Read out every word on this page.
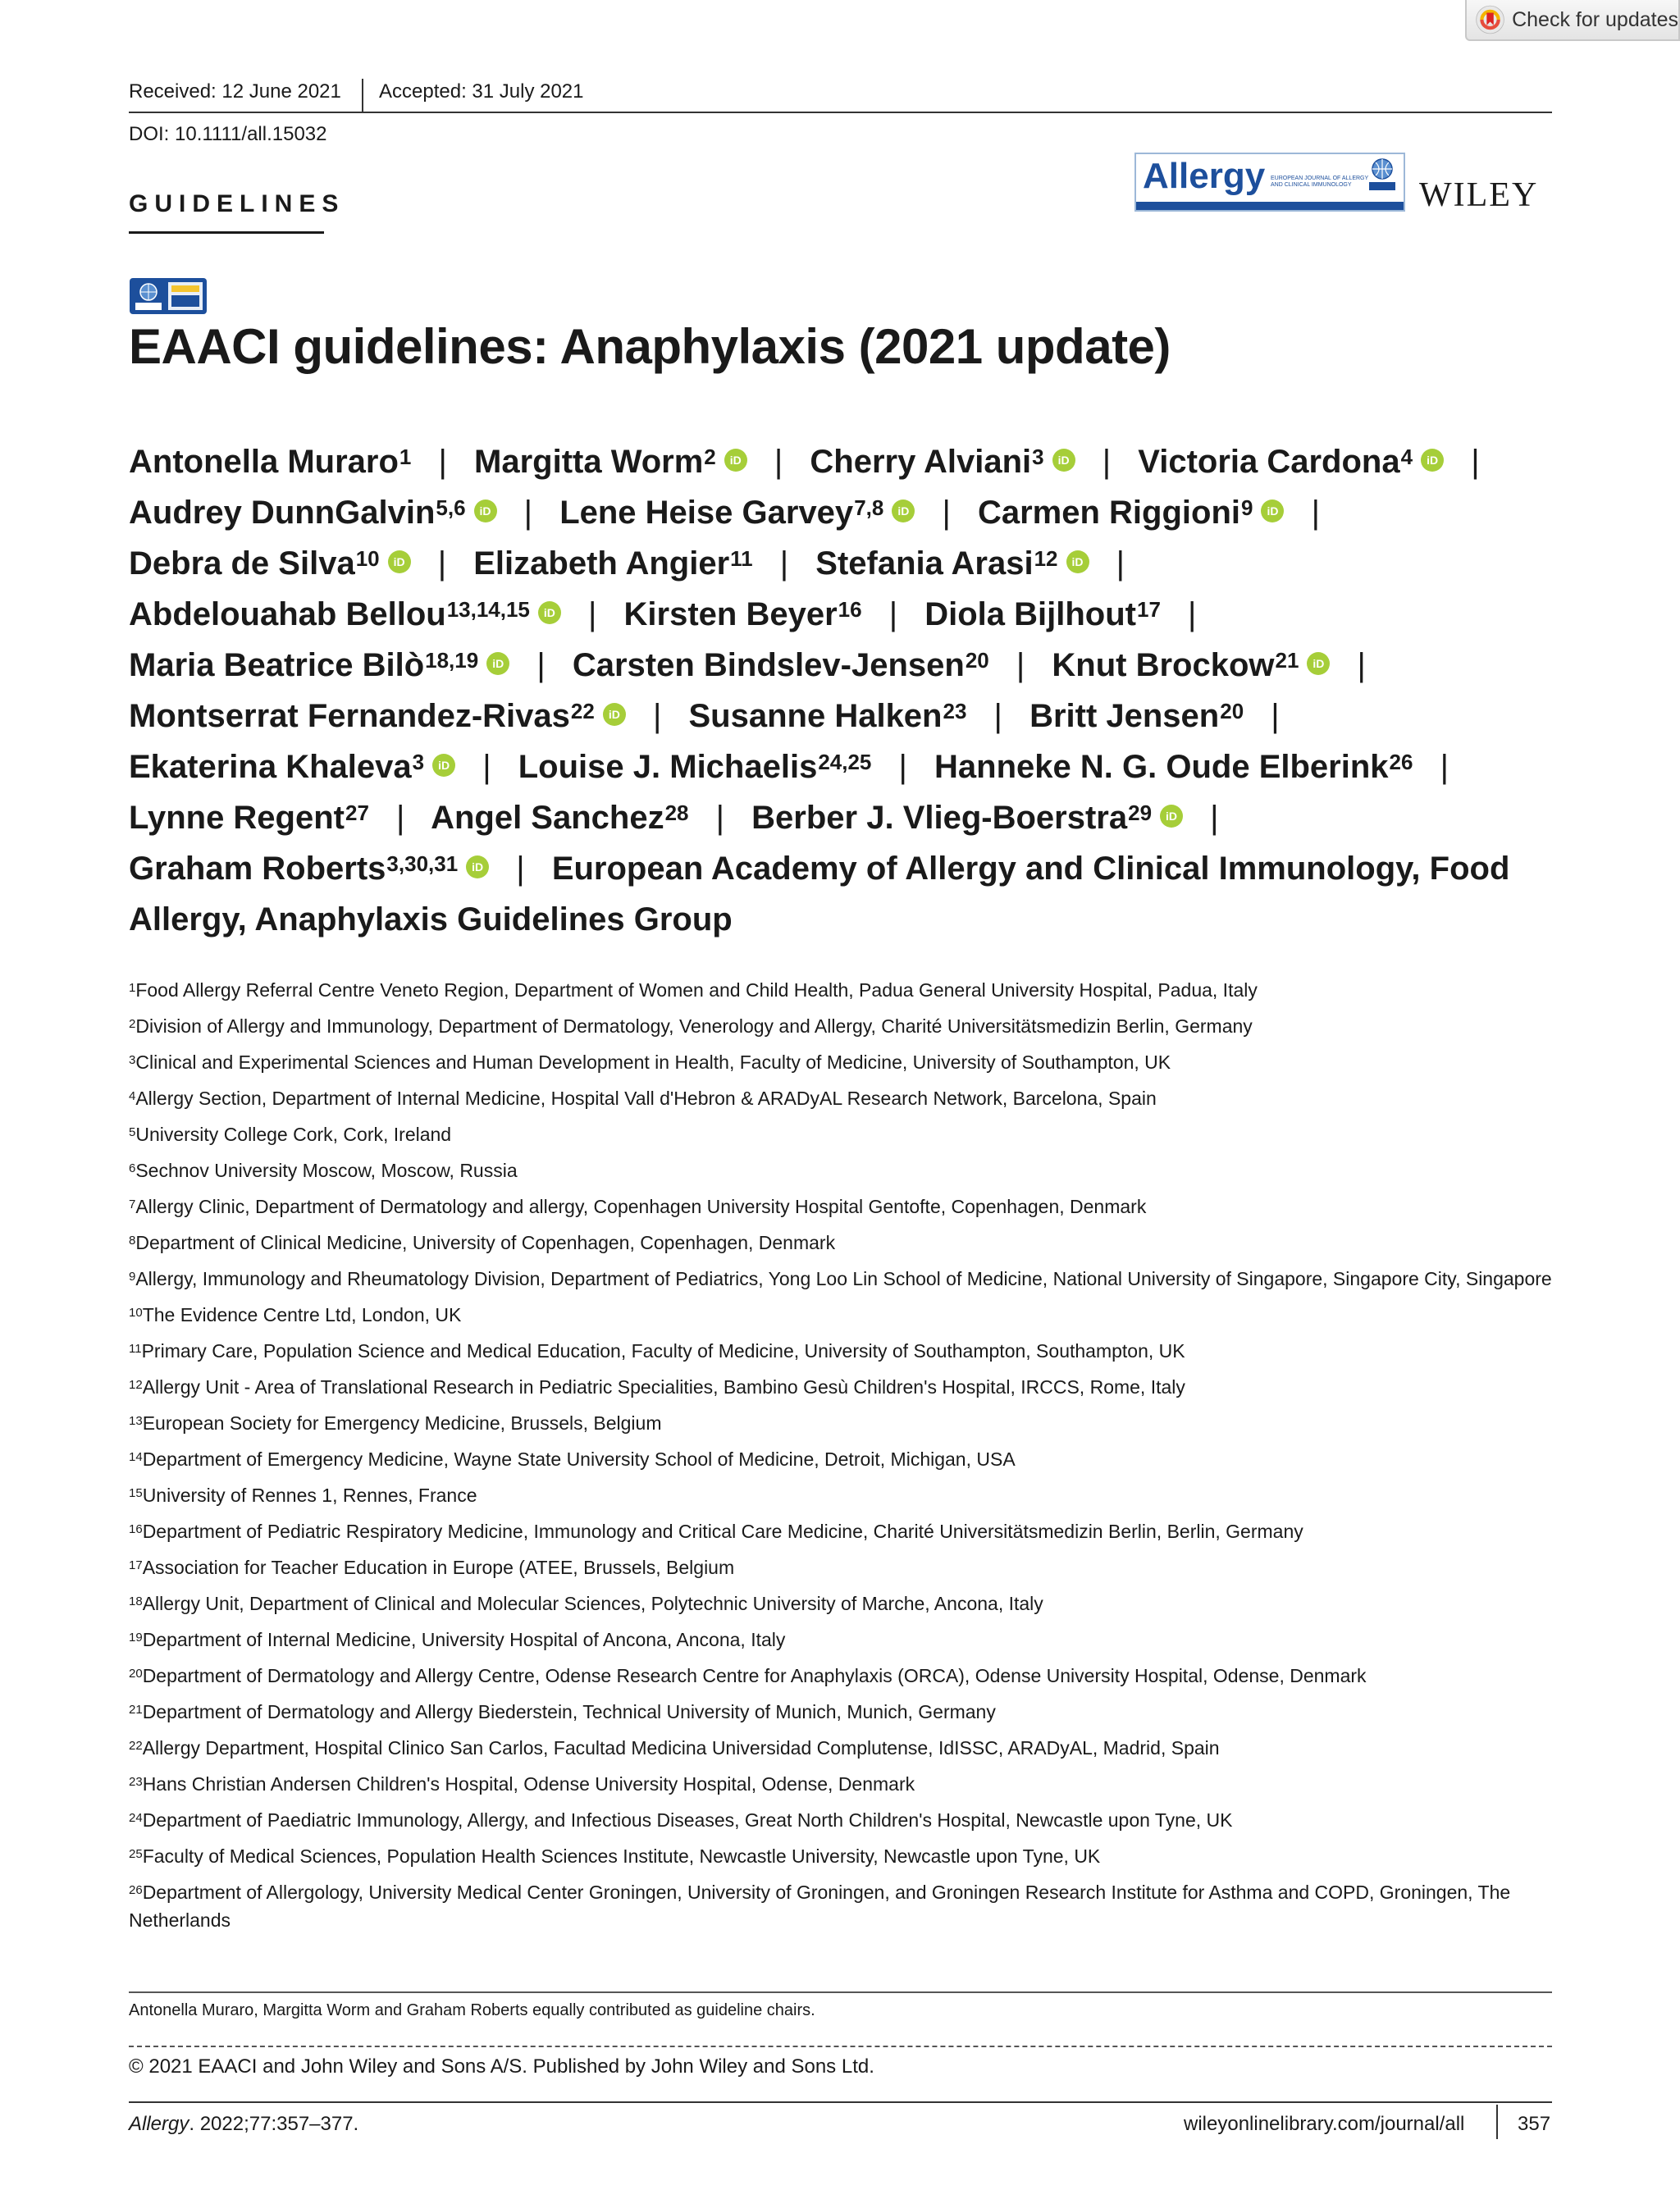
Check for updates
Received: 12 June 2021 Accepted: 31 July 2021
DOI: 10.1111/all.15032
GUIDELINES
Allergy EUROPEAN JOURNAL OF ALLERGY AND CLINICAL IMMUNOLOGY	WILEY
EAACI guidelines: Anaphylaxis (2021 update)
Antonella Muraro$^1$ | Margitta Worm$^2$ iD | Cherry Alviani$^3$ iD | Victoria Cardona$^4$ iD | Audrey DunnGalvin$^{5,6}$ iD | Lene Heise Garvey$^{7,8}$ iD | Carmen Riggioni$^9$ iD | Debra de Silva$^{10}$ iD | Elizabeth Angier$^{11}$ | Stefania Arasi$^{12}$ iD | Abdelouahab Bellou$^{13,14,15}$ iD | Kirsten Beyer$^{16}$ | Diola Bijlhout$^{17}$ | Maria Beatrice Bilò$^{18,19}$ iD | Carsten Bindslev-Jensen$^{20}$ | Knut Brockow$^{21}$ iD | Montserrat Fernandez-Rivas$^{22}$ iD | Susanne Halken$^{23}$ | Britt Jensen$^{20}$ | Ekaterina Khaleva$^3$ iD | Louise J. Michaelis$^{24,25}$ | Hanneke N. G. Oude Elberink$^{26}$ | Lynne Regent$^{27}$ | Angel Sanchez$^{28}$ | Berber J. Vlieg-Boerstra$^{29}$ iD | Graham Roberts$^{3,30,31}$ iD | European Academy of Allergy and Clinical Immunology, Food Allergy, Anaphylaxis Guidelines Group
$^1$Food Allergy Referral Centre Veneto Region, Department of Women and Child Health, Padua General University Hospital, Padua, Italy
$^2$Division of Allergy and Immunology, Department of Dermatology, Venerology and Allergy, Charité Universitätsmedizin Berlin, Germany
$^3$Clinical and Experimental Sciences and Human Development in Health, Faculty of Medicine, University of Southampton, UK
$^4$Allergy Section, Department of Internal Medicine, Hospital Vall d'Hebron & ARADyAL Research Network, Barcelona, Spain
$^5$University College Cork, Cork, Ireland
$^6$Sechnov University Moscow, Moscow, Russia
$^7$Allergy Clinic, Department of Dermatology and allergy, Copenhagen University Hospital Gentofte, Copenhagen, Denmark
$^8$Department of Clinical Medicine, University of Copenhagen, Copenhagen, Denmark
$^9$Allergy, Immunology and Rheumatology Division, Department of Pediatrics, Yong Loo Lin School of Medicine, National University of Singapore, Singapore City, Singapore
$^{10}$The Evidence Centre Ltd, London, UK
$^{11}$Primary Care, Population Science and Medical Education, Faculty of Medicine, University of Southampton, Southampton, UK
$^{12}$Allergy Unit - Area of Translational Research in Pediatric Specialities, Bambino Gesù Children's Hospital, IRCCS, Rome, Italy
$^{13}$European Society for Emergency Medicine, Brussels, Belgium
$^{14}$Department of Emergency Medicine, Wayne State University School of Medicine, Detroit, Michigan, USA
$^{15}$University of Rennes 1, Rennes, France
$^{16}$Department of Pediatric Respiratory Medicine, Immunology and Critical Care Medicine, Charité Universitätsmedizin Berlin, Berlin, Germany
$^{17}$Association for Teacher Education in Europe (ATEE, Brussels, Belgium
$^{18}$Allergy Unit, Department of Clinical and Molecular Sciences, Polytechnic University of Marche, Ancona, Italy
$^{19}$Department of Internal Medicine, University Hospital of Ancona, Ancona, Italy
$^{20}$Department of Dermatology and Allergy Centre, Odense Research Centre for Anaphylaxis (ORCA), Odense University Hospital, Odense, Denmark
$^{21}$Department of Dermatology and Allergy Biederstein, Technical University of Munich, Munich, Germany
$^{22}$Allergy Department, Hospital Clinico San Carlos, Facultad Medicina Universidad Complutense, IdISSC, ARADyAL, Madrid, Spain
$^{23}$Hans Christian Andersen Children's Hospital, Odense University Hospital, Odense, Denmark
$^{24}$Department of Paediatric Immunology, Allergy, and Infectious Diseases, Great North Children's Hospital, Newcastle upon Tyne, UK
$^{25}$Faculty of Medical Sciences, Population Health Sciences Institute, Newcastle University, Newcastle upon Tyne, UK
$^{26}$Department of Allergology, University Medical Center Groningen, University of Groningen, and Groningen Research Institute for Asthma and COPD, Groningen, The Netherlands
Antonella Muraro, Margitta Worm and Graham Roberts equally contributed as guideline chairs.
© 2021 EAACI and John Wiley and Sons A/S. Published by John Wiley and Sons Ltd.
Allergy. 2022;77:357–377.	wileyonlinelibrary.com/journal/all	357
